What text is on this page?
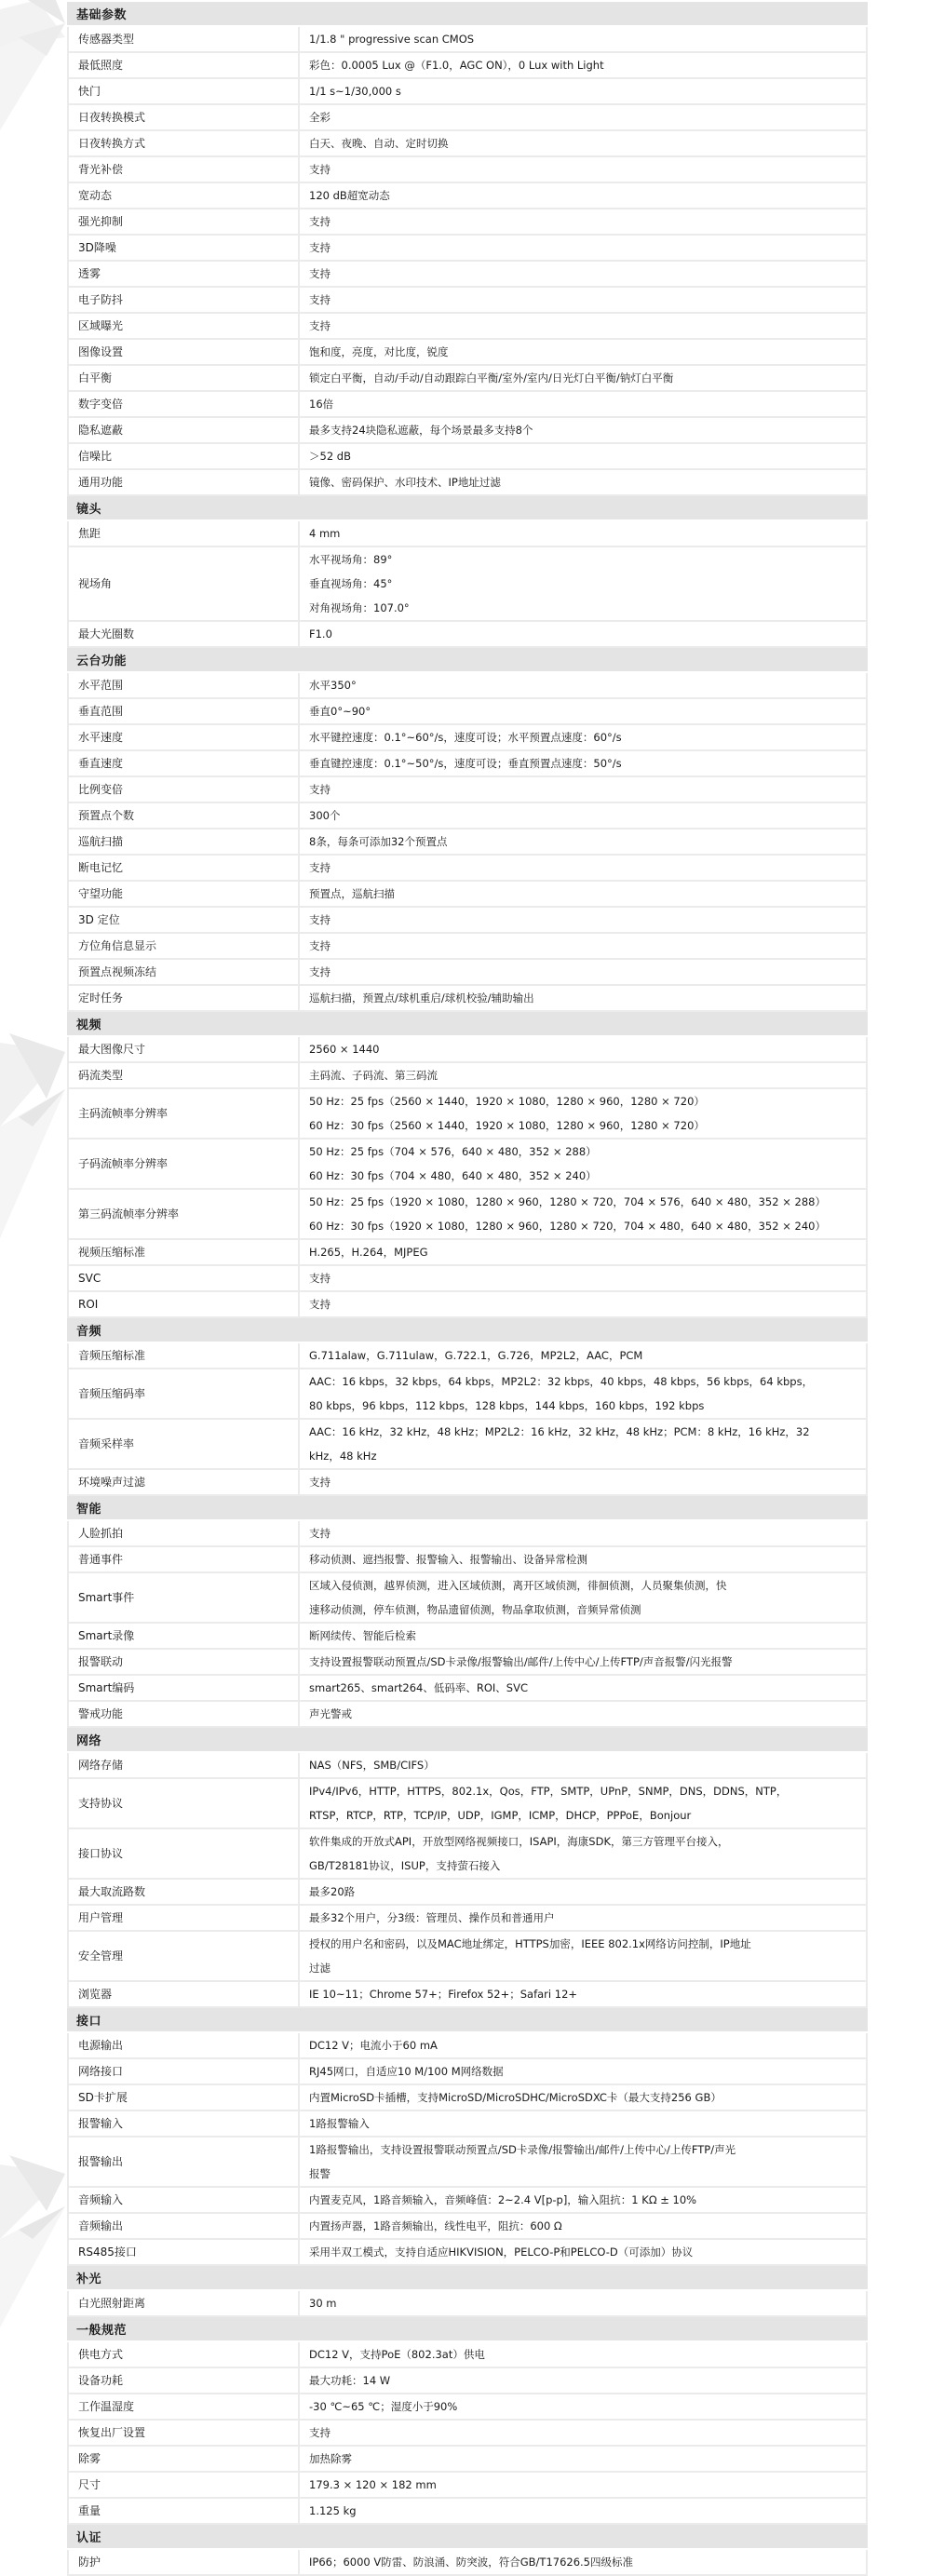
基础参数	
传感器类型	1/1.8 " progressive scan CMOS

最低照度	彩色：0.0005 Lux @（F1.0，AGC ON），0 Lux with Light

快门	1/1 s~1/30,000 s

日夜转换模式	全彩

日夜转换方式	白天、夜晚、自动、定时切换

背光补偿	支持

宽动态	120 dB超宽动态

强光抑制	支持

3D降噪	支持

透雾	支持

电子防抖	支持

区域曝光	支持

图像设置	饱和度，亮度，对比度，锐度

白平衡	锁定白平衡，自动/手动/自动跟踪白平衡/室外/室内/日光灯白平衡/钠灯白平衡

数字变倍	16倍

隐私遮蔽	最多支持24块隐私遮蔽，每个场景最多支持8个

信噪比	＞52 dB

通用功能	镜像、密码保护、水印技术、IP地址过滤

镜头	
焦距	4 mm

视场角	水平视场角：89°
垂直视场角：45°
对角视场角：107.0°

最大光圈数	F1.0

云台功能	
水平范围	水平350°

垂直范围	垂直0°~90°

水平速度	水平键控速度：0.1°~60°/s，速度可设；水平预置点速度：60°/s

垂直速度	垂直键控速度：0.1°~50°/s，速度可设；垂直预置点速度：50°/s

比例变倍	支持

预置点个数	300个

巡航扫描	8条，每条可添加32个预置点

断电记忆	支持

守望功能	预置点，巡航扫描

3D 定位	支持

方位角信息显示	支持

预置点视频冻结	支持

定时任务	巡航扫描，预置点/球机重启/球机校验/辅助输出

视频	
最大图像尺寸	2560 × 1440

码流类型	主码流、子码流、第三码流

主码流帧率分辨率	50 Hz：25 fps（2560 × 1440，1920 × 1080，1280 × 960，1280 × 720）
60 Hz：30 fps（2560 × 1440，1920 × 1080，1280 × 960，1280 × 720）

子码流帧率分辨率	50 Hz：25 fps（704 × 576，640 × 480，352 × 288）
60 Hz：30 fps（704 × 480，640 × 480，352 × 240）

第三码流帧率分辨率	50 Hz：25 fps（1920 × 1080，1280 × 960，1280 × 720，704 × 576，640 × 480，352 × 288）
60 Hz：30 fps（1920 × 1080，1280 × 960，1280 × 720，704 × 480，640 × 480，352 × 240）

视频压缩标准	H.265，H.264，MJPEG

SVC	支持

ROI	支持

音频	
音频压缩标准	G.711alaw，G.711ulaw，G.722.1，G.726，MP2L2，AAC，PCM

音频压缩码率	AAC：16 kbps，32 kbps，64 kbps，MP2L2：32 kbps，40 kbps，48 kbps，56 kbps，64 kbps，
80 kbps，96 kbps，112 kbps，128 kbps，144 kbps，160 kbps，192 kbps

音频采样率	AAC：16 kHz，32 kHz，48 kHz；MP2L2：16 kHz，32 kHz，48 kHz；PCM：8 kHz，16 kHz，32
kHz，48 kHz

环境噪声过滤	支持

智能	
人脸抓拍	支持

普通事件	移动侦测、遮挡报警、报警输入、报警输出、设备异常检测

Smart事件	区域入侵侦测，越界侦测，进入区域侦测，离开区域侦测，徘徊侦测，人员聚集侦测，快
速移动侦测，停车侦测，物品遗留侦测，物品拿取侦测，音频异常侦测

Smart录像	断网续传、智能后检索

报警联动	支持设置报警联动预置点/SD卡录像/报警输出/邮件/上传中心/上传FTP/声音报警/闪光报警

Smart编码	smart265、smart264、低码率、ROI、SVC

警戒功能	声光警戒

网络	
网络存储	NAS（NFS，SMB/CIFS）

支持协议	IPv4/IPv6，HTTP，HTTPS，802.1x，Qos，FTP，SMTP，UPnP，SNMP，DNS，DDNS，NTP，
RTSP，RTCP，RTP，TCP/IP，UDP，IGMP，ICMP，DHCP，PPPoE，Bonjour

接口协议	软件集成的开放式API，开放型网络视频接口，ISAPI，海康SDK，第三方管理平台接入，
GB/T28181协议，ISUP，支持萤石接入

最大取流路数	最多20路

用户管理	最多32个用户，分3级：管理员、操作员和普通用户

安全管理	授权的用户名和密码，以及MAC地址绑定，HTTPS加密，IEEE 802.1x网络访问控制，IP地址
过滤

浏览器	IE 10~11；Chrome 57+；Firefox 52+；Safari 12+

接口	
电源输出	DC12 V；电流小于60 mA

网络接口	RJ45网口，自适应10 M/100 M网络数据

SD卡扩展	内置MicroSD卡插槽，支持MicroSD/MicroSDHC/MicroSDXC卡（最大支持256 GB）

报警输入	1路报警输入

报警输出	1路报警输出，支持设置报警联动预置点/SD卡录像/报警输出/邮件/上传中心/上传FTP/声光
报警

音频输入	内置麦克风，1路音频输入，音频峰值：2~2.4 V[p-p]，输入阻抗：1 KΩ ± 10%

音频输出	内置扬声器，1路音频输出，线性电平，阻抗：600 Ω

RS485接口	采用半双工模式，支持自适应HIKVISION，PELCO-P和PELCO-D（可添加）协议

补光	
白光照射距离	30 m

一般规范	
供电方式	DC12 V，支持PoE（802.3at）供电

设备功耗	最大功耗：14 W

工作温湿度	-30 ℃~65 ℃；湿度小于90%

恢复出厂设置	支持

除雾	加热除雾

尺寸	179.3 × 120 × 182 mm

重量	1.125 kg

认证	
防护	IP66；6000 V防雷、防浪涌、防突波，符合GB/T17626.5四级标准
